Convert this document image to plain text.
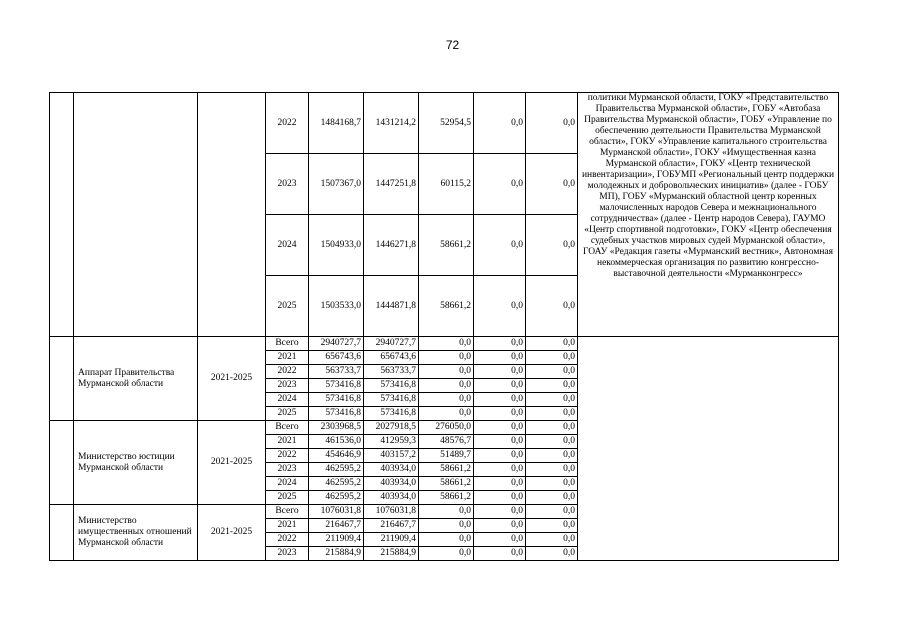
72
			2022	1484168,7	1431214,2	52954,5	0,0	0,0	политики Мурманской области, ГОКУ «Представительство Правительства Мурманской области», ГОБУ «Автобаза Правительства Мурманской области», ГОБУ «Управление по обеспечению деятельности Правительства Мурманской области», ГОКУ «Управление капитального строительства Мурманской области», ГОКУ «Имущественная казна Мурманской области», ГОКУ «Центр технической инвентаризации», ГОБУМП «Региональный центр поддержки молодежных и добровольческих инициатив» (далее - ГОБУ МП), ГОБУ «Мурманский областной центр коренных малочисленных народов Севера и межнационального сотрудничества» (далее - Центр народов Севера), ГАУМО «Центр спортивной подготовки», ГОКУ «Центр обеспечения судебных участков мировых судей Мурманской области», ГОАУ «Редакция газеты «Мурманский вестник», Автономная некоммерческая организация по развитию конгрессно-выставочной деятельности «Мурманконгресс»
			2023	1507367,0	1447251,8	60115,2	0,0	0,0	
			2024	1504933,0	1446271,8	58661,2	0,0	0,0	
			2025	1503533,0	1444871,8	58661,2	0,0	0,0	
	Аппарат Правительства Мурманской области	2021-2025	Всего	2940727,7	2940727,7	0,0	0,0	0,0	
			2021	656743,6	656743,6	0,0	0,0	0,0	
			2022	563733,7	563733,7	0,0	0,0	0,0	
			2023	573416,8	573416,8	0,0	0,0	0,0	
			2024	573416,8	573416,8	0,0	0,0	0,0	
			2025	573416,8	573416,8	0,0	0,0	0,0	
	Министерство юстиции Мурманской области	2021-2025	Всего	2303968,5	2027918,5	276050,0	0,0	0,0	
			2021	461536,0	412959,3	48576,7	0,0	0,0	
			2022	454646,9	403157,2	51489,7	0,0	0,0	
			2023	462595,2	403934,0	58661,2	0,0	0,0	
			2024	462595,2	403934,0	58661,2	0,0	0,0	
			2025	462595,2	403934,0	58661,2	0,0	0,0	
	Министерство имущественных отношений Мурманской области	2021-2025	Всего	1076031,8	1076031,8	0,0	0,0	0,0	
			2021	216467,7	216467,7	0,0	0,0	0,0	
			2022	211909,4	211909,4	0,0	0,0	0,0	
			2023	215884,9	215884,9	0,0	0,0	0,0	
